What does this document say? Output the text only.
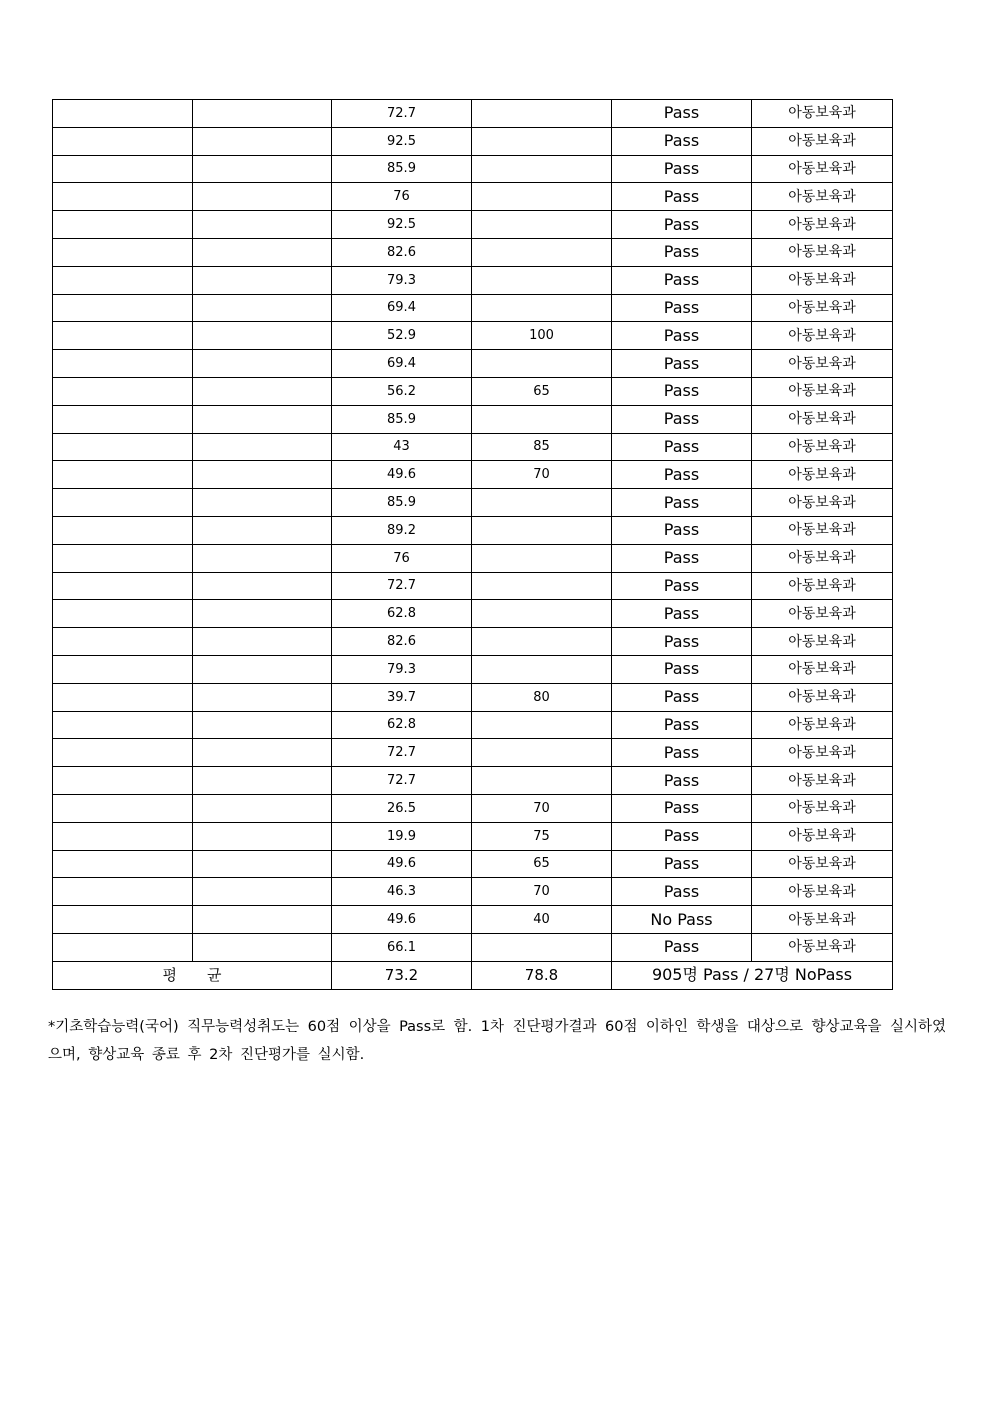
		72.7		Pass	아동보육과
		92.5		Pass	아동보육과
		85.9		Pass	아동보육과
		76		Pass	아동보육과
		92.5		Pass	아동보육과
		82.6		Pass	아동보육과
		79.3		Pass	아동보육과
		69.4		Pass	아동보육과
		52.9	100	Pass	아동보육과
		69.4		Pass	아동보육과
		56.2	65	Pass	아동보육과
		85.9		Pass	아동보육과
		43	85	Pass	아동보육과
		49.6	70	Pass	아동보육과
		85.9		Pass	아동보육과
		89.2		Pass	아동보육과
		76		Pass	아동보육과
		72.7		Pass	아동보육과
		62.8		Pass	아동보육과
		82.6		Pass	아동보육과
		79.3		Pass	아동보육과
		39.7	80	Pass	아동보육과
		62.8		Pass	아동보육과
		72.7		Pass	아동보육과
		72.7		Pass	아동보육과
		26.5	70	Pass	아동보육과
		19.9	75	Pass	아동보육과
		49.6	65	Pass	아동보육과
		46.3	70	Pass	아동보육과
		49.6	40	No Pass	아동보육과
		66.1		Pass	아동보육과
평균		73.2	78.8	905명 Pass / 27명 NoPass	
*기초학습능력(국어) 직무능력성취도는 60점 이상을 Pass로 함. 1차 진단평가결과 60점 이하인 학생을 대상으로 향상교육을 실시하였으며, 향상교육 종료 후 2차 진단평가를 실시함.
